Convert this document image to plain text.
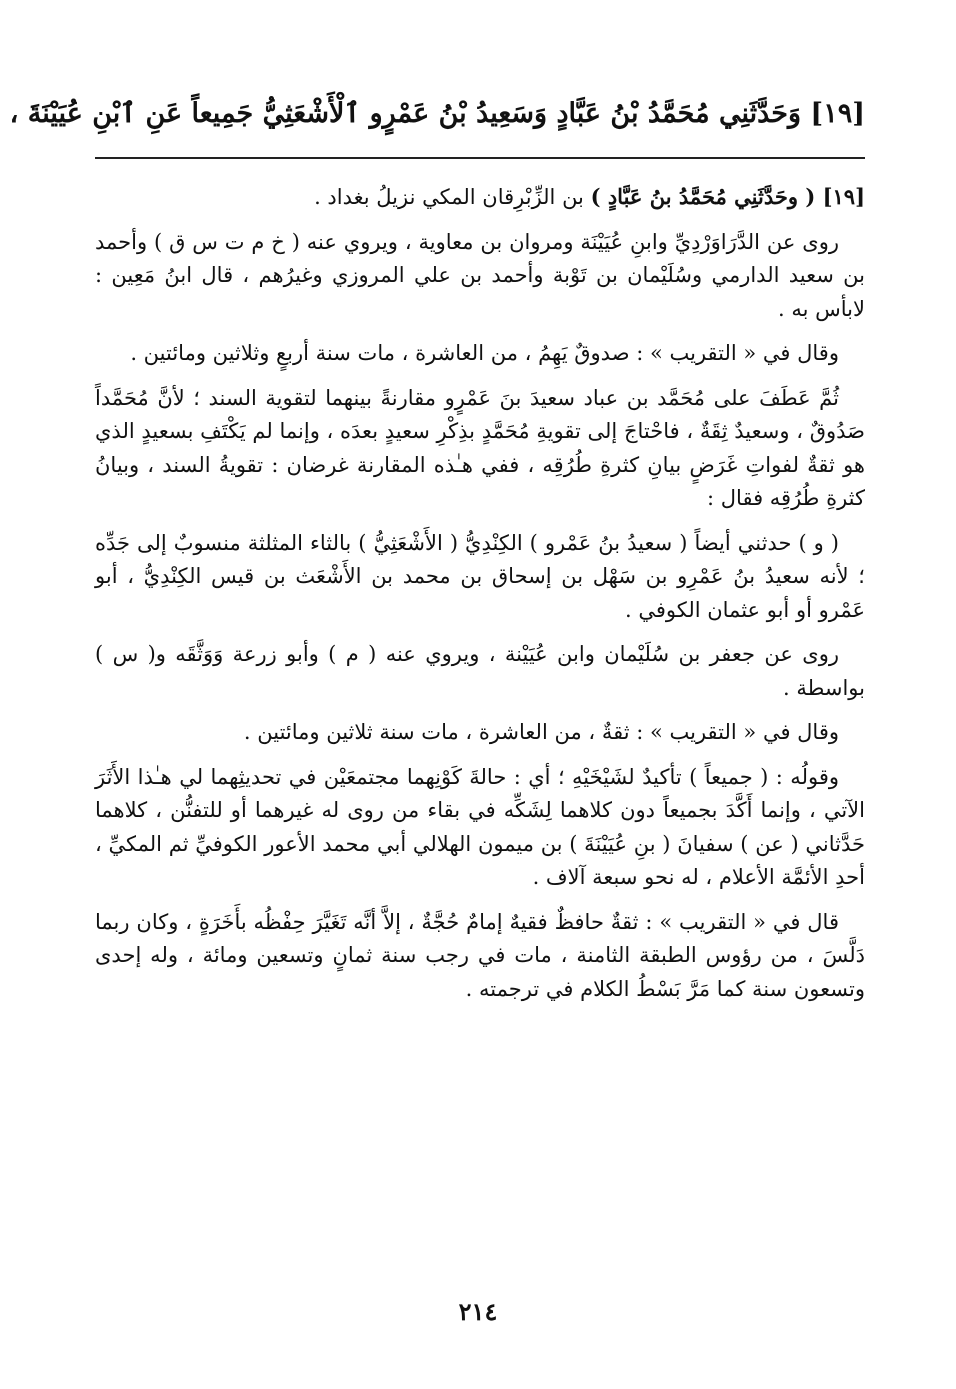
[١٩] وَحَدَّثَنِي مُحَمَّدُ بْنُ عَبَّادٍ وَسَعِيدُ بْنُ عَمْرٍو ٱلْأَشْعَثِيُّ جَمِيعاً عَنِ ٱبْنِ عُيَيْنَةَ ،

[١٩] ( وحَدَّثَنِي مُحَمَّدُ بنُ عَبَّادٍ ) بن الزِّبْرِقان المكي نزيلُ بغداد .

روى عن الدَّرَاوَرْدِيِّ وابنِ عُيَيْنَة ومروان بن معاوية ، ويروي عنه ( خ م ت س ق ) وأحمد بن سعيد الدارمي وسُلَيْمان بن تَوْبة وأحمد بن علي المروزي وغيرُهم ، قال ابنُ مَعِين : لابأس به .

وقال في « التقريب » : صدوقٌ يَهِمُ ، من العاشرة ، مات سنة أربعٍ وثلاثين ومائتين .

ثُمَّ عَطَفَ على مُحَمَّد بن عباد سعيدَ بنَ عَمْرٍو مقارنةً بينهما لتقوية السند ؛ لأنَّ مُحَمَّداً صَدُوقٌ ، وسعيدٌ ثِقَةٌ ، فاحْتاجَ إلى تقويةِ مُحَمَّدٍ بذِكْرِ سعيدٍ بعدَه ، وإنما لم يَكْتَفِ بسعيدٍ الذي هو ثقةٌ لفواتِ غَرَضٍ بيانِ كثرةِ طُرُقِه ، ففي هـٰذه المقارنة غرضان : تقويةُ السند ، وبيانُ كثرةِ طُرُقِه فقال :

( و ) حدثني أيضاً ( سعيدُ بنُ عَمْرو ) الكِنْدِيُّ ( الأَشْعَثِيُّ ) بالثاء المثلثة منسوبٌ إلى جَدِّه ؛ لأنه سعيدُ بنُ عَمْرِو بن سَهْل بن إسحاق بن محمد بن الأَشْعَث بن قيس الكِنْدِيُّ ، أبو عَمْرو أو أبو عثمان الكوفي .

روى عن جعفر بن سُلَيْمان وابن عُيَيْنة ، ويروي عنه ( م ) وأبو زرعة وَوَثَّقَه و( س ) بواسطة .

وقال في « التقريب » : ثقةٌ ، من العاشرة ، مات سنة ثلاثين ومائتين .

وقولُه : ( جميعاً ) تأكيدٌ لشَيْخَيْهِ ؛ أي : حالةَ كَوْنِهما مجتمعَيْن في تحديثِهما لي هـٰذا الأَثَرَ الآتي ، وإنما أَكَّدَ بجميعاً دون كلاهما لِشَكِّه في بقاء من روى له غيرهما أو للتفنُّن ، كلاهما حَدَّثاني ( عن ) سفيانَ ( بنِ عُيَيْنَةَ ) بن ميمون الهلالي أبي محمد الأعور الكوفيِّ ثم المكيِّ ، أحدِ الأئمَّة الأعلام ، له نحو سبعة آلاف .

قال في « التقريب » : ثقةٌ حافظٌ فقيهٌ إمامٌ حُجَّةٌ ، إلاَّ أنَّه تَغَيَّرَ حِفْظُه بأَخَرَةٍ ، وكان ربما دَلَّسَ ، من رؤوس الطبقة الثامنة ، مات في رجب سنة ثمانٍ وتسعين ومائة ، وله إحدى وتسعون سنة كما مَرَّ بَسْطُ الكلام في ترجمته .

٢١٤
